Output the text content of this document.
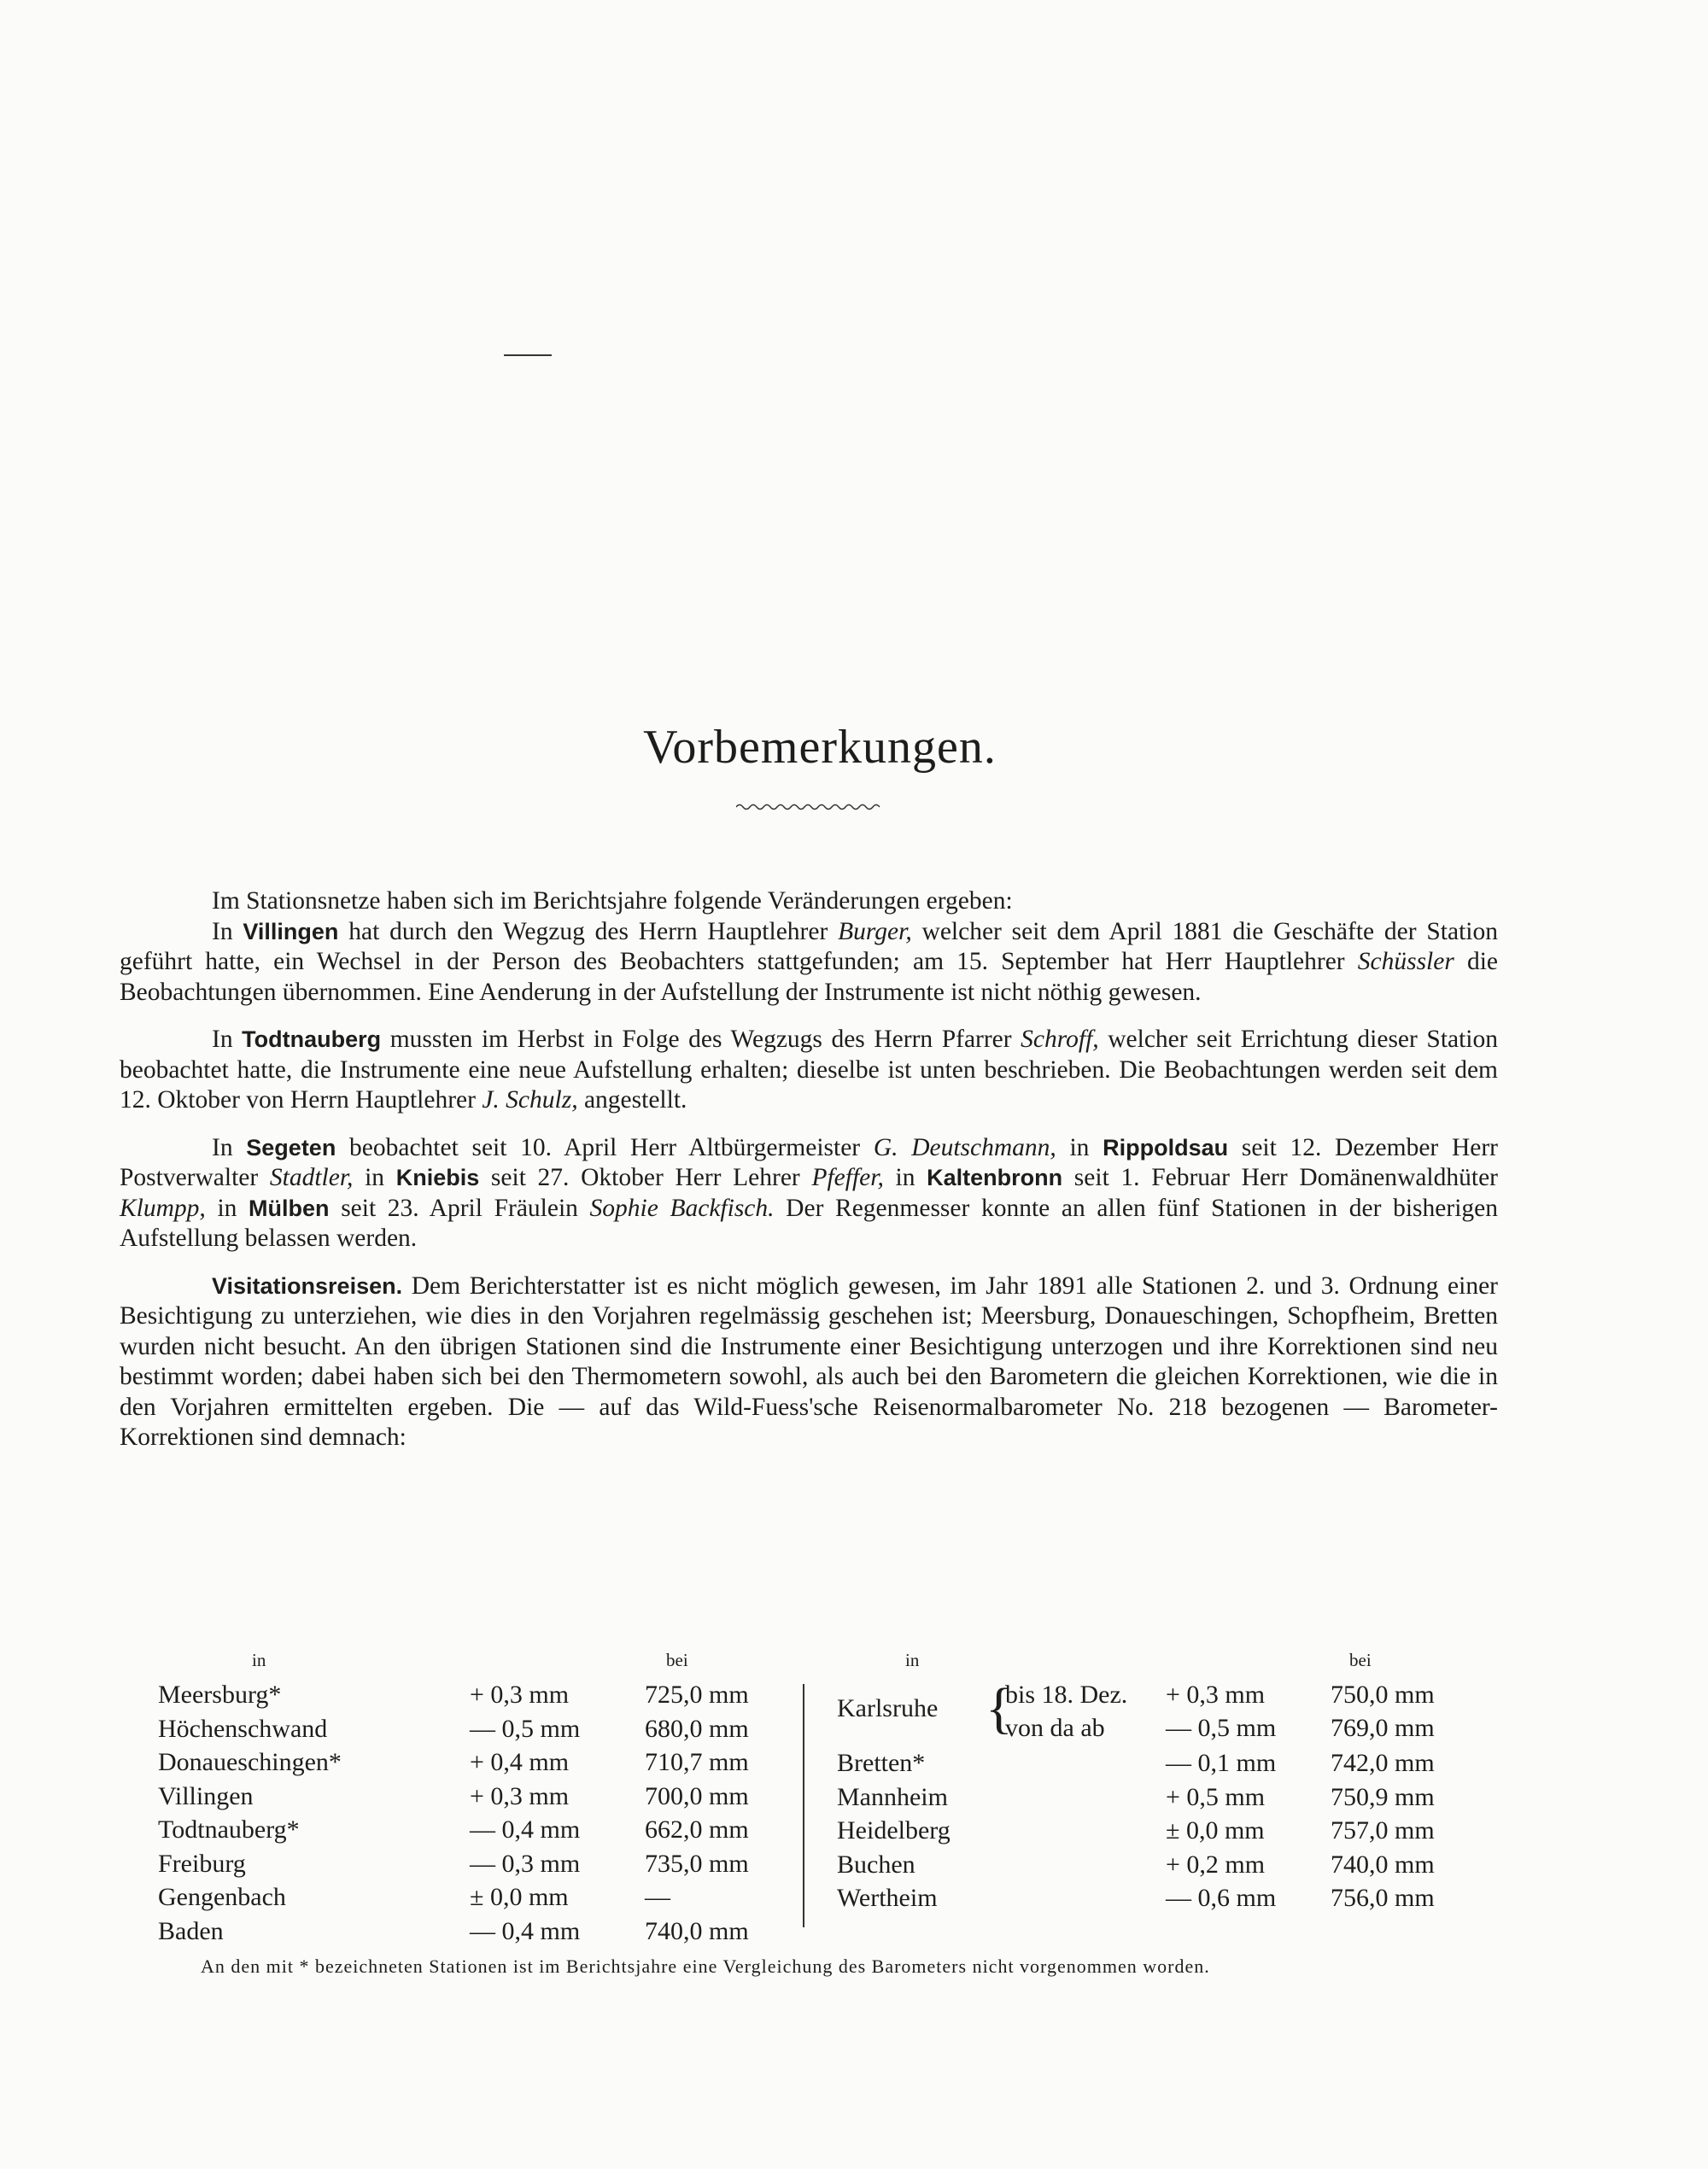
Vorbemerkungen.

Im Stationsnetze haben sich im Berichtsjahre folgende Veränderungen ergeben:

In Villingen hat durch den Wegzug des Herrn Hauptlehrer Burger, welcher seit dem April 1881 die Geschäfte der Station geführt hatte, ein Wechsel in der Person des Beobachters stattgefunden; am 15. September hat Herr Hauptlehrer Schüssler die Beobachtungen übernommen. Eine Aenderung in der Aufstellung der Instrumente ist nicht nöthig gewesen.

In Todtnauberg mussten im Herbst in Folge des Wegzugs des Herrn Pfarrer Schroff, welcher seit Errichtung dieser Station beobachtet hatte, die Instrumente eine neue Aufstellung erhalten; dieselbe ist unten beschrieben. Die Beobachtungen werden seit dem 12. Oktober von Herrn Hauptlehrer J. Schulz, angestellt.

In Segeten beobachtet seit 10. April Herr Altbürgermeister G. Deutschmann, in Rippoldsau seit 12. Dezember Herr Postverwalter Stadtler, in Kniebis seit 27. Oktober Herr Lehrer Pfeffer, in Kaltenbronn seit 1. Februar Herr Domänenwaldhüter Klumpp, in Mülben seit 23. April Fräulein Sophie Backfisch. Der Regenmesser konnte an allen fünf Stationen in der bisherigen Aufstellung belassen werden.

Visitationsreisen. Dem Berichterstatter ist es nicht möglich gewesen, im Jahr 1891 alle Stationen 2. und 3. Ordnung einer Besichtigung zu unterziehen, wie dies in den Vorjahren regelmässig geschehen ist; Meersburg, Donaueschingen, Schopfheim, Bretten wurden nicht besucht. An den übrigen Stationen sind die Instrumente einer Besichtigung unterzogen und ihre Korrektionen sind neu bestimmt worden; dabei haben sich bei den Thermometern sowohl, als auch bei den Barometern die gleichen Korrektionen, wie die in den Vorjahren ermittelten ergeben. Die — auf das Wild-Fuess'sche Reisenormalbarometer No. 218 bezogenen — Barometer-Korrektionen sind demnach:

in	bei	in	bei
Meersburg*	+ 0,3 mm	725,0 mm
Höchenschwand	— 0,5 mm	680,0 mm
Donaueschingen*	+ 0,4 mm	710,7 mm
Villingen	+ 0,3 mm	700,0 mm
Todtnauberg*	— 0,4 mm	662,0 mm
Freiburg	— 0,3 mm	735,0 mm
Gengenbach	± 0,0 mm	—
Baden	— 0,4 mm	740,0 mm
Karlsruhe {
bis 18. Dez. + 0,3 mm	750,0 mm
von da ab — 0,5 mm 769,0 mm
Bretten*	— 0,1 mm 742,0 mm
Mannheim	+ 0,5 mm	750,9 mm
Heidelberg	± 0,0 mm	757,0 mm
Buchen	+ 0,2 mm	740,0 mm
Wertheim	— 0,6 mm 756,0 mm
An den mit * bezeichneten Stationen ist im Berichtsjahre eine Vergleichung des Barometers nicht vorgenommen worden.
